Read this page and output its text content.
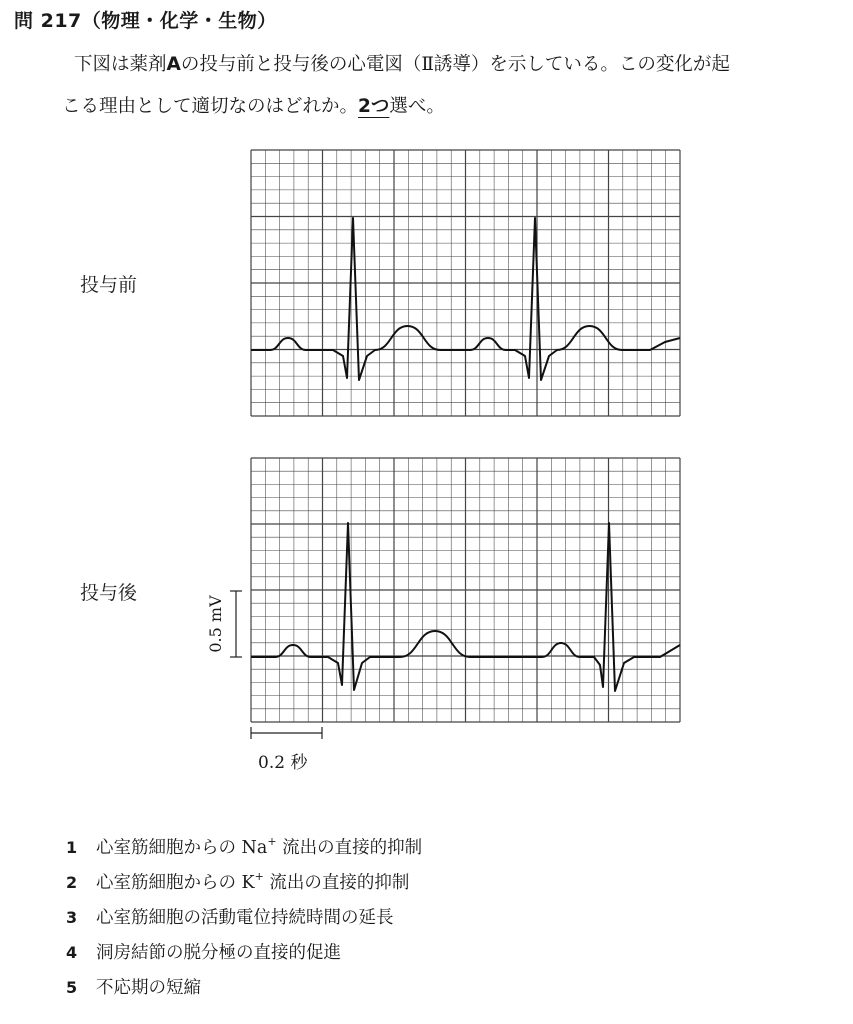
問 217（物理・化学・生物）
下図は薬剤Aの投与前と投与後の心電図（Ⅱ誘導）を示している。この変化が起
こる理由として適切なのはどれか。2つ選べ。
投与前
投与後
0.5 mV
0.2 秒
1 心室筋細胞からの Na+ 流出の直接的抑制
2 心室筋細胞からの K+ 流出の直接的抑制
3 心室筋細胞の活動電位持続時間の延長
4 洞房結節の脱分極の直接的促進
5 不応期の短縮
